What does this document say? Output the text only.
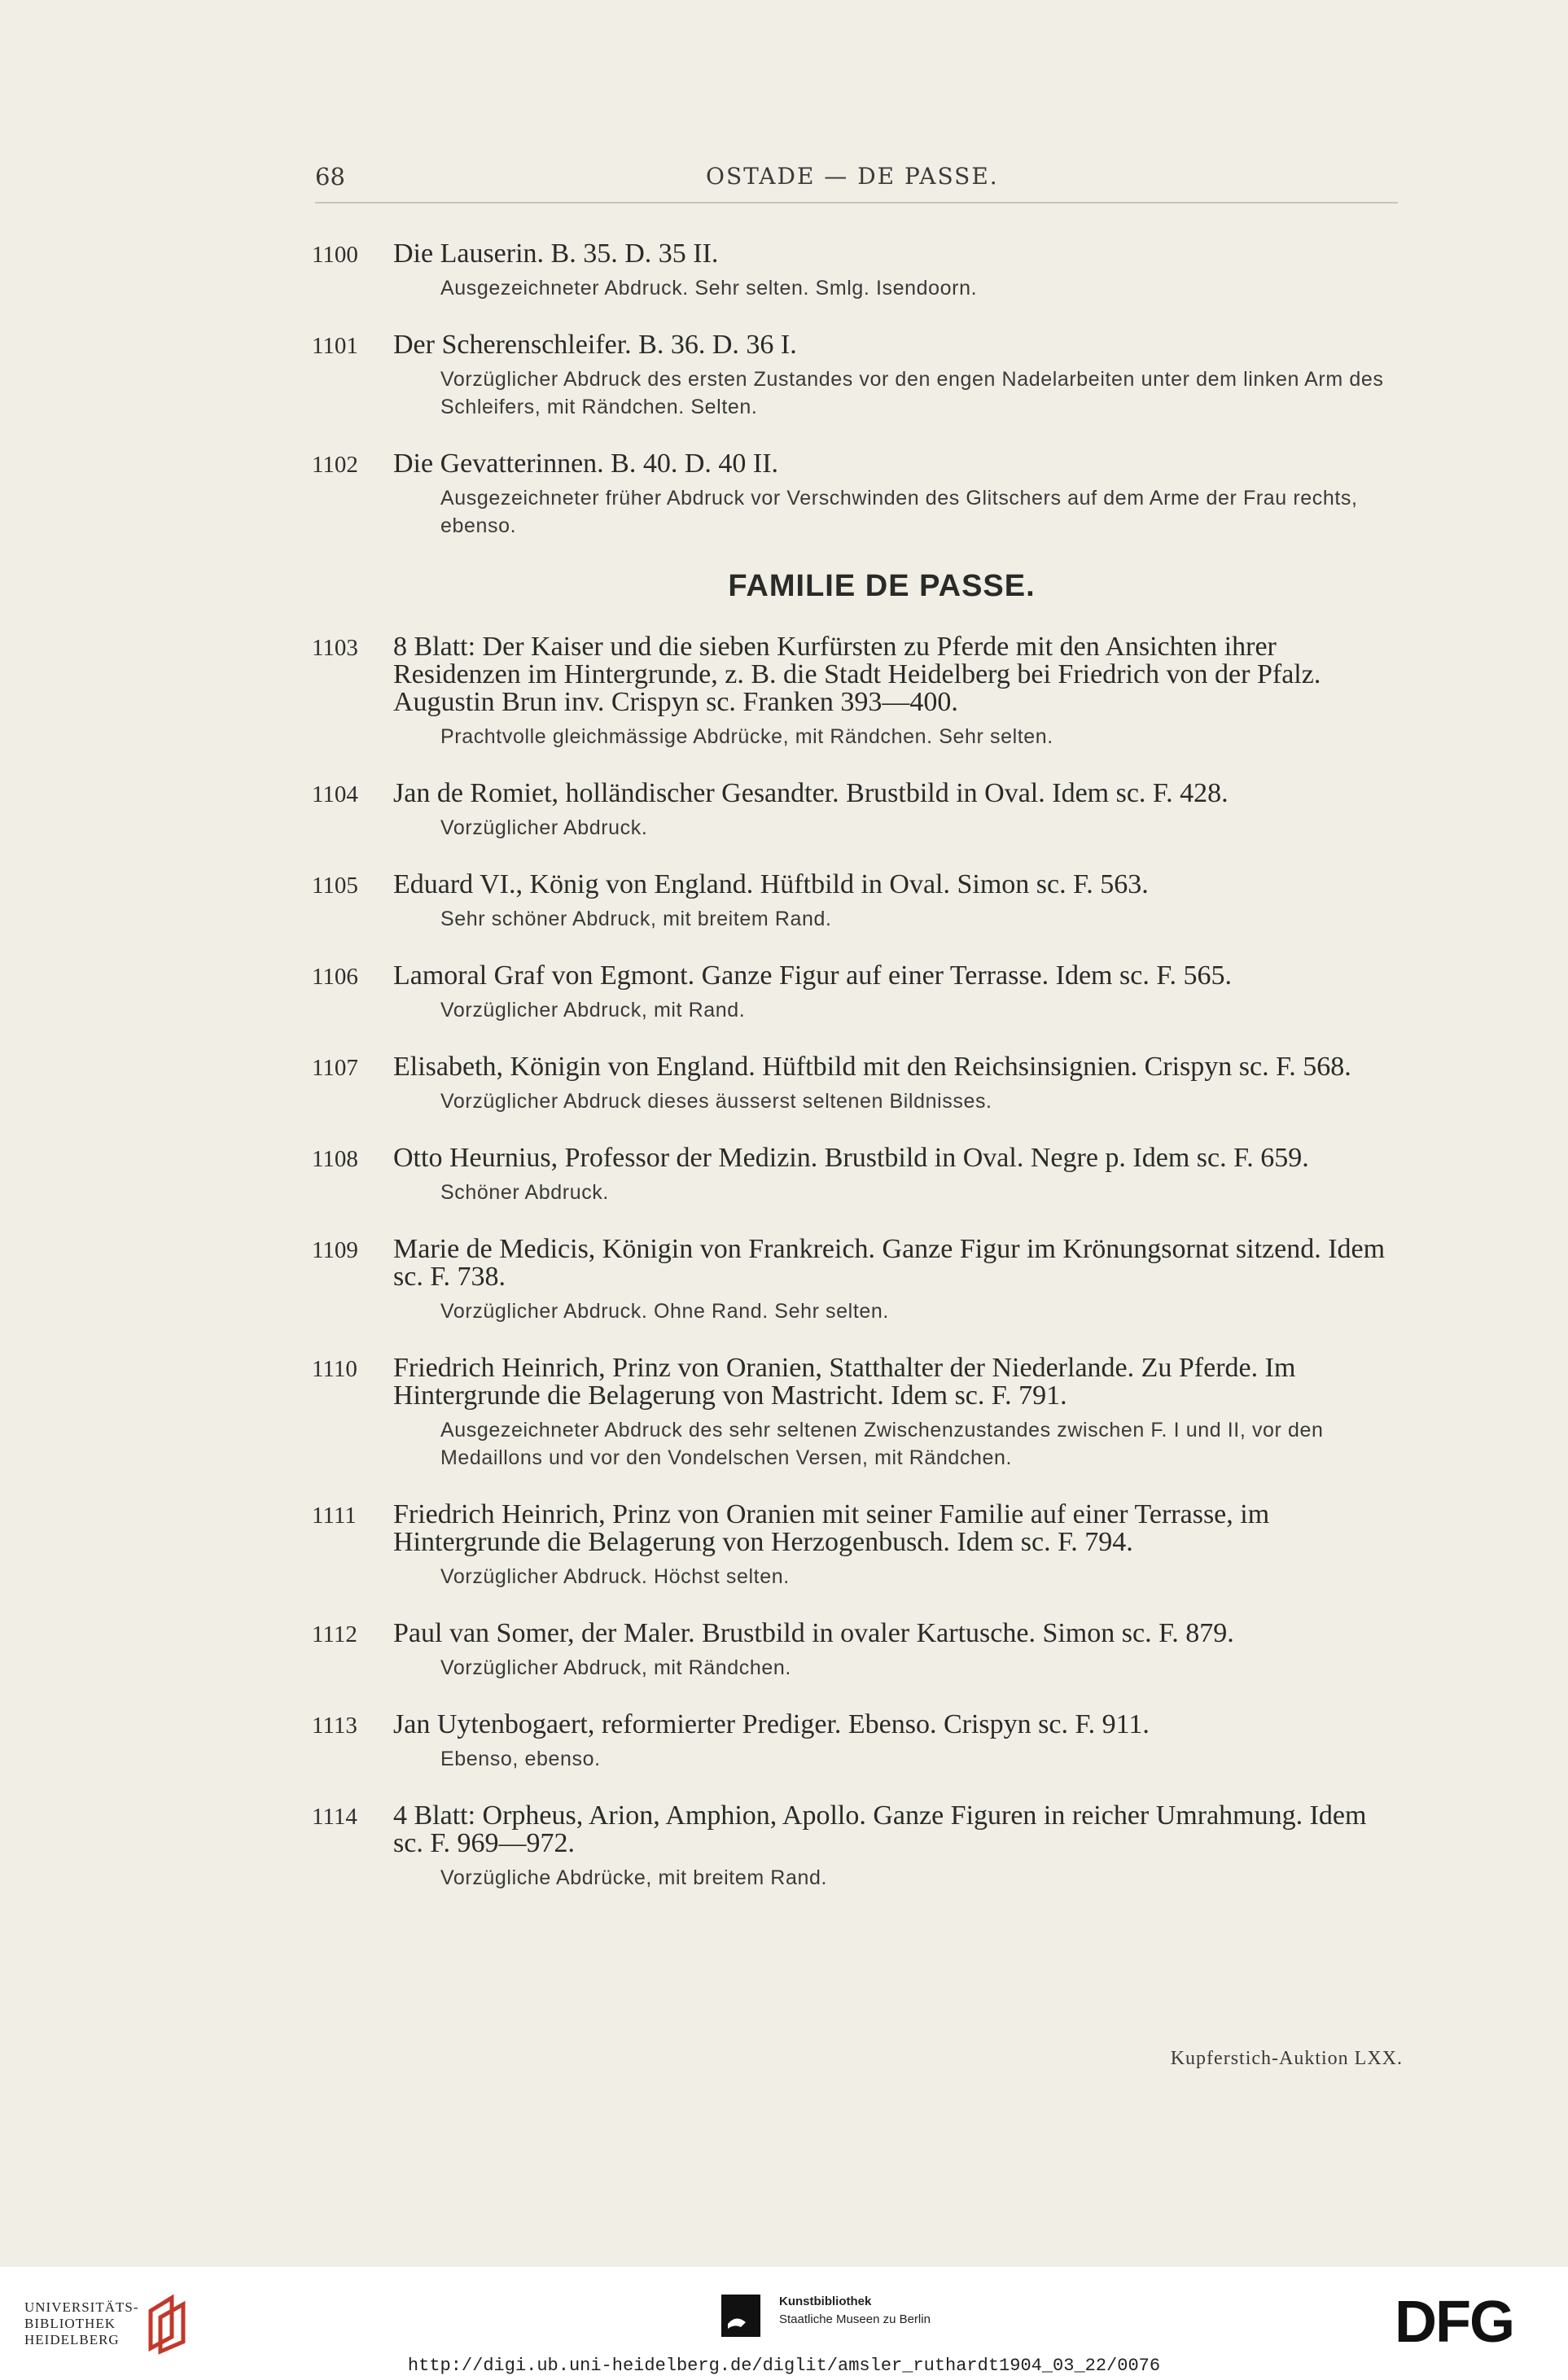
68	OSTADE — DE PASSE.
1100 Die Lauserin. B. 35. D. 35 II.
Ausgezeichneter Abdruck. Sehr selten. Smlg. Isendoorn.
1101 Der Scherenschleifer. B. 36. D. 36 I.
Vorzüglicher Abdruck des ersten Zustandes vor den engen Nadelarbeiten unter dem linken Arm des Schleifers, mit Rändchen. Selten.
1102 Die Gevatterinnen. B. 40. D. 40 II.
Ausgezeichneter früher Abdruck vor Verschwinden des Glitschers auf dem Arme der Frau rechts, ebenso.
FAMILIE DE PASSE.
1103 8 Blatt: Der Kaiser und die sieben Kurfürsten zu Pferde mit den Ansichten ihrer Residenzen im Hintergrunde, z. B. die Stadt Heidelberg bei Friedrich von der Pfalz. Augustin Brun inv. Crispyn sc. Franken 393—400.
Prachtvolle gleichmässige Abdrücke, mit Rändchen. Sehr selten.
1104 Jan de Romiet, holländischer Gesandter. Brustbild in Oval. Idem sc. F. 428.
Vorzüglicher Abdruck.
1105 Eduard VI., König von England. Hüftbild in Oval. Simon sc. F. 563.
Sehr schöner Abdruck, mit breitem Rand.
1106 Lamoral Graf von Egmont. Ganze Figur auf einer Terrasse. Idem sc. F. 565.
Vorzüglicher Abdruck, mit Rand.
1107 Elisabeth, Königin von England. Hüftbild mit den Reichsinsignien. Crispyn sc. F. 568.
Vorzüglicher Abdruck dieses äusserst seltenen Bildnisses.
1108 Otto Heurnius, Professor der Medizin. Brustbild in Oval. Negre p. Idem sc. F. 659.
Schöner Abdruck.
1109 Marie de Medicis, Königin von Frankreich. Ganze Figur im Krönungsornat sitzend. Idem sc. F. 738.
Vorzüglicher Abdruck. Ohne Rand. Sehr selten.
1110 Friedrich Heinrich, Prinz von Oranien, Statthalter der Niederlande. Zu Pferde. Im Hintergrunde die Belagerung von Mastricht. Idem sc. F. 791.
Ausgezeichneter Abdruck des sehr seltenen Zwischenzustandes zwischen F. I und II, vor den Medaillons und vor den Vondelschen Versen, mit Rändchen.
1111 Friedrich Heinrich, Prinz von Oranien mit seiner Familie auf einer Terrasse, im Hintergrunde die Belagerung von Herzogenbusch. Idem sc. F. 794.
Vorzüglicher Abdruck. Höchst selten.
1112 Paul van Somer, der Maler. Brustbild in ovaler Kartusche. Simon sc. F. 879.
Vorzüglicher Abdruck, mit Rändchen.
1113 Jan Uytenbogaert, reformierter Prediger. Ebenso. Crispyn sc. F. 911.
Ebenso, ebenso.
1114 4 Blatt: Orpheus, Arion, Amphion, Apollo. Ganze Figuren in reicher Umrahmung. Idem sc. F. 969—972.
Vorzügliche Abdrücke, mit breitem Rand.
Kupferstich-Auktion LXX.
UNIVERSITÄTS-
BIBLIOTHEK
HEIDELBERG
Kunstbibliothek
Staatliche Museen zu Berlin	DFG
http://digi.ub.uni-heidelberg.de/diglit/amsler_ruthardt1904_03_22/0076
